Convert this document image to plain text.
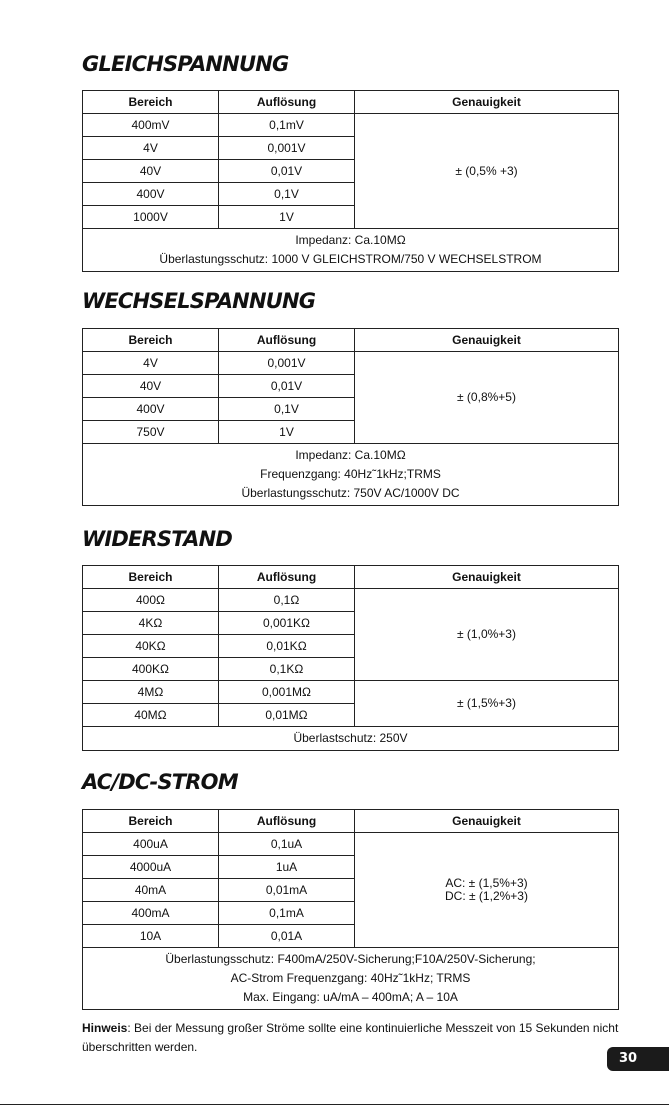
GLEICHSPANNUNG
Bereich	Auflösung	Genauigkeit
400mV	0,1mV	± (0,5% +3)

4V	0,001V	
40V	0,01V	
400V	0,1V	
1000V	1V	

Impedanz: Ca.10MΩ
Überlastungsschutz: 1000 V GLEICHSTROM/750 V WECHSELSTROM		
WECHSELSPANNUNG
Bereich	Auflösung	Genauigkeit
4V	0,001V	± (0,8%+5)

40V	0,01V	
400V	0,1V	
750V	1V	

Impedanz: Ca.10MΩ
Frequenzgang: 40Hz˜1kHz;TRMS
Überlastungsschutz: 750V AC/1000V DC		
WIDERSTAND
Bereich	Auflösung	Genauigkeit
400Ω	0,1Ω	± (1,0%+3)

4KΩ	0,001KΩ	
40KΩ	0,01KΩ	
400KΩ	0,1KΩ	
4MΩ	0,001MΩ	± (1,5%+3)

40MΩ	0,01MΩ	

Überlastschutz: 250V		
AC/DC-STROM
Bereich	Auflösung	Genauigkeit
400uA	0,1uA	AC: ± (1,5%+3)
DC: ± (1,2%+3)

4000uA	1uA	
40mA	0,01mA	
400mA	0,1mA	
10A	0,01A	

Überlastungsschutz: F400mA/250V-Sicherung;F10A/250V-Sicherung;
AC-Strom Frequenzgang: 40Hz˜1kHz; TRMS
Max. Eingang: uA/mA – 400mA; A – 10A		

Hinweis: Bei der Messung großer Ströme sollte eine kontinuierliche Messzeit von 15 Sekunden nicht überschritten werden.

30
